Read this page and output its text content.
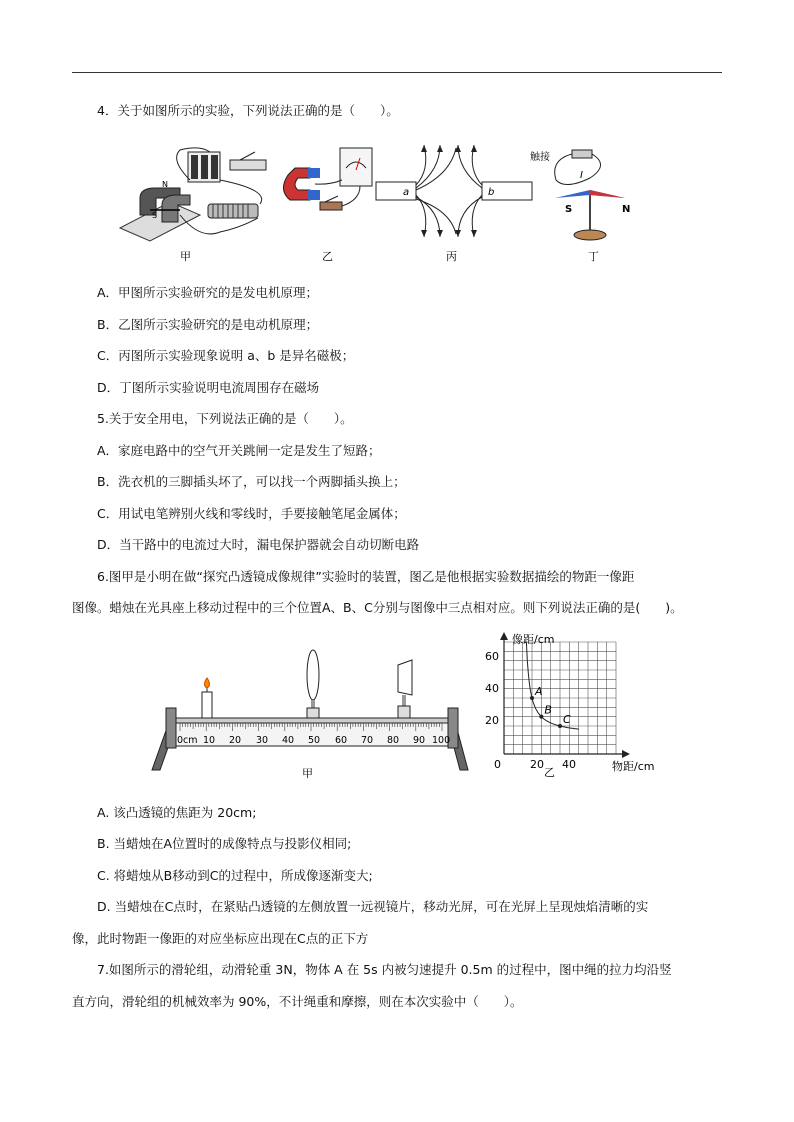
4．关于如图所示的实验，下列说法正确的是（　　）。
N
S
甲	乙
a	b
丙
触接
I
S	N
丁
A．甲图所示实验研究的是发电机原理；
B．乙图所示实验研究的是电动机原理；
C．丙图所示实验现象说明 a、b 是异名磁极；
D．丁图所示实验说明电流周围存在磁场
5.关于安全用电，下列说法正确的是（　　）。
A．家庭电路中的空气开关跳闸一定是发生了短路；
B．洗衣机的三脚插头坏了，可以找一个两脚插头换上；
C．用试电笔辨别火线和零线时，手要接触笔尾金属体；
D．当干路中的电流过大时，漏电保护器就会自动切断电路
6.图甲是小明在做“探究凸透镜成像规律”实验时的装置，图乙是他根据实验数据描绘的物距一像距
图像。蜡烛在光具座上移动过程中的三个位置A、B、C分别与图像中三点相对应。则下列说法正确的是(　　)。
0cm 10 20 30 40 50 60 70 80 90 100
甲
像距/cm
物距/cm
60
40
20
0	20 40
A
B
C
乙
A. 该凸透镜的焦距为 20cm;
B. 当蜡烛在A位置时的成像特点与投影仪相同;
C. 将蜡烛从B移动到C的过程中，所成像逐渐变大;
D. 当蜡烛在C点时，在紧贴凸透镜的左侧放置一远视镜片，移动光屏，可在光屏上呈现烛焰清晰的实
像，此时物距一像距的对应坐标应出现在C点的正下方
7.如图所示的滑轮组，动滑轮重 3N，物体 A 在 5s 内被匀速提升 0.5m 的过程中，图中绳的拉力均沿竖
直方向，滑轮组的机械效率为 90%，不计绳重和摩擦，则在本次实验中（　　）。
